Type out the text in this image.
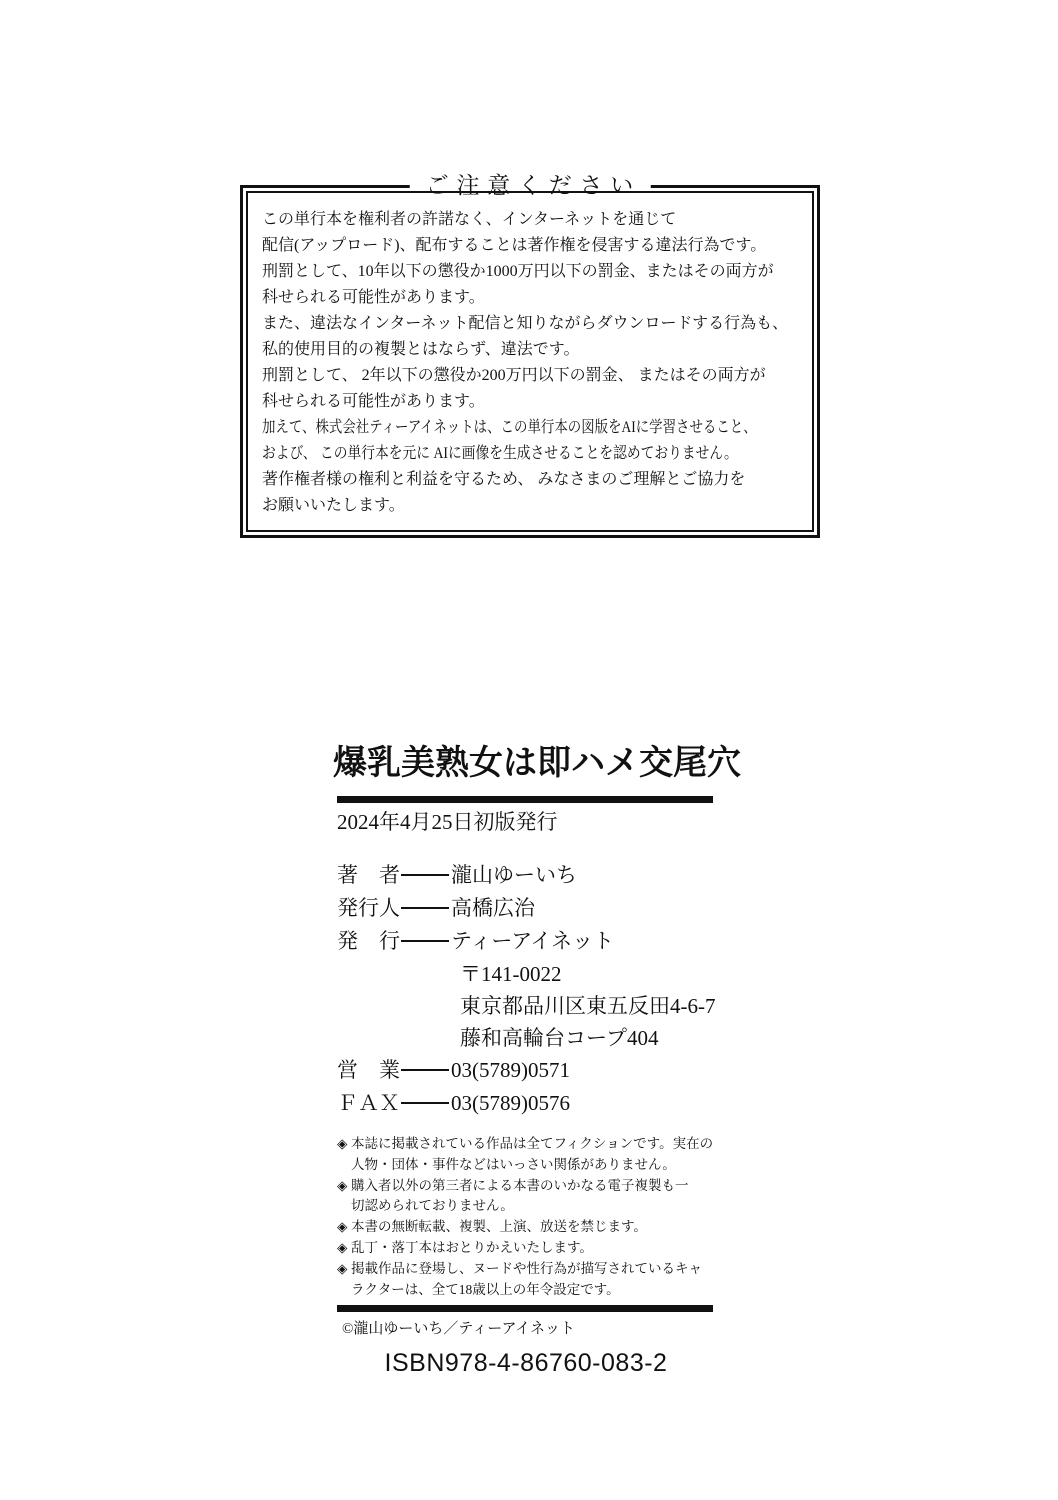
ご 注 意 く だ さ い
この単行本を権利者の許諾なく、インターネットを通じて
配信(アップロード)、配布することは著作権を侵害する違法行為です。
刑罰として、10年以下の懲役か1000万円以下の罰金、またはその両方が
科せられる可能性があります。
また、違法なインターネット配信と知りながらダウンロードする行為も、
私的使用目的の複製とはならず、違法です。
刑罰として、 2年以下の懲役か200万円以下の罰金、 またはその両方が
科せられる可能性があります。
加えて、株式会社ティーアイネットは、この単行本の図版をAIに学習させること、
および、 この単行本を元に AIに画像を生成させることを認めておりません。
著作権者様の権利と利益を守るため、 みなさまのご理解とご協力を
お願いいたします。
爆乳美熟女は即ハメ交尾穴
2024年4月25日初版発行
著　者 瀧山ゆーいち
発行人 高橋広治
発　行 ティーアイネット
〒141-0022
東京都品川区東五反田4-6-7
藤和高輪台コープ404
営　業 03(5789)0571
ＦＡＸ 03(5789)0576
◈ 本誌に掲載されている作品は全てフィクションです。実在の
人物・団体・事件などはいっさい関係がありません。
◈ 購入者以外の第三者による本書のいかなる電子複製も一
切認められておりません。
◈ 本書の無断転載、複製、上演、放送を禁じます。
◈ 乱丁・落丁本はおとりかえいたします。
◈ 掲載作品に登場し、ヌードや性行為が描写されているキャ
ラクターは、全て18歳以上の年令設定です。
©瀧山ゆーいち／ティーアイネット
ISBN978-4-86760-083-2
